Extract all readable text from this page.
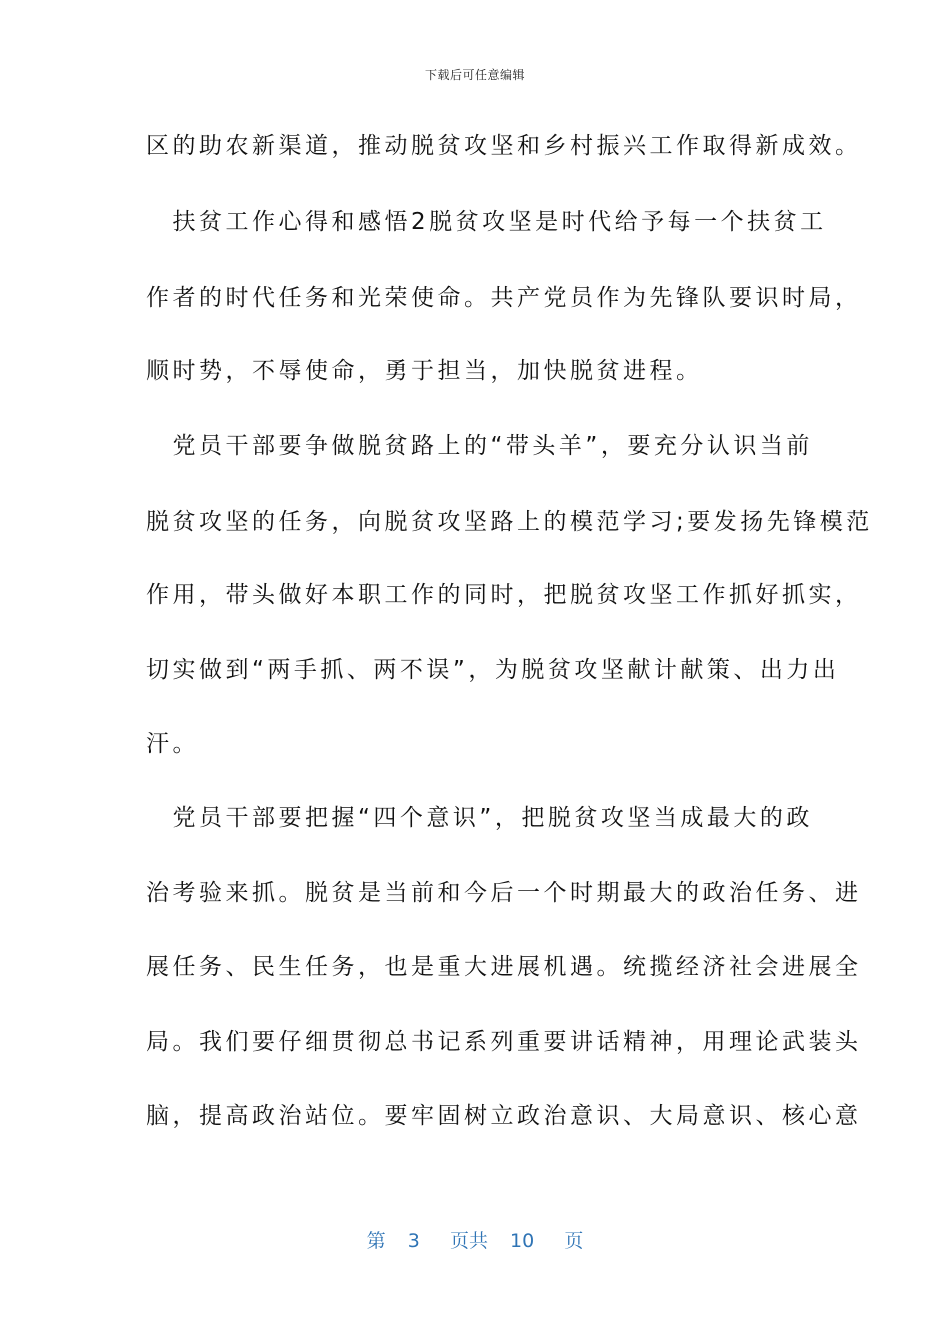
下载后可任意编辑
区的助农新渠道，推动脱贫攻坚和乡村振兴工作取得新成效。
　扶贫工作心得和感悟2脱贫攻坚是时代给予每一个扶贫工
作者的时代任务和光荣使命。共产党员作为先锋队要识时局，
顺时势，不辱使命，勇于担当，加快脱贫进程。
　党员干部要争做脱贫路上的“带头羊”，要充分认识当前
脱贫攻坚的任务，向脱贫攻坚路上的模范学习;要发扬先锋模范
作用，带头做好本职工作的同时，把脱贫攻坚工作抓好抓实，
切实做到“两手抓、两不误”，为脱贫攻坚献计献策、出力出
汗。
　党员干部要把握“四个意识”，把脱贫攻坚当成最大的政
治考验来抓。脱贫是当前和今后一个时期最大的政治任务、进
展任务、民生任务，也是重大进展机遇。统揽经济社会进展全
局。我们要仔细贯彻总书记系列重要讲话精神，用理论武装头
脑，提高政治站位。要牢固树立政治意识、大局意识、核心意
第 3 页共 10 页
